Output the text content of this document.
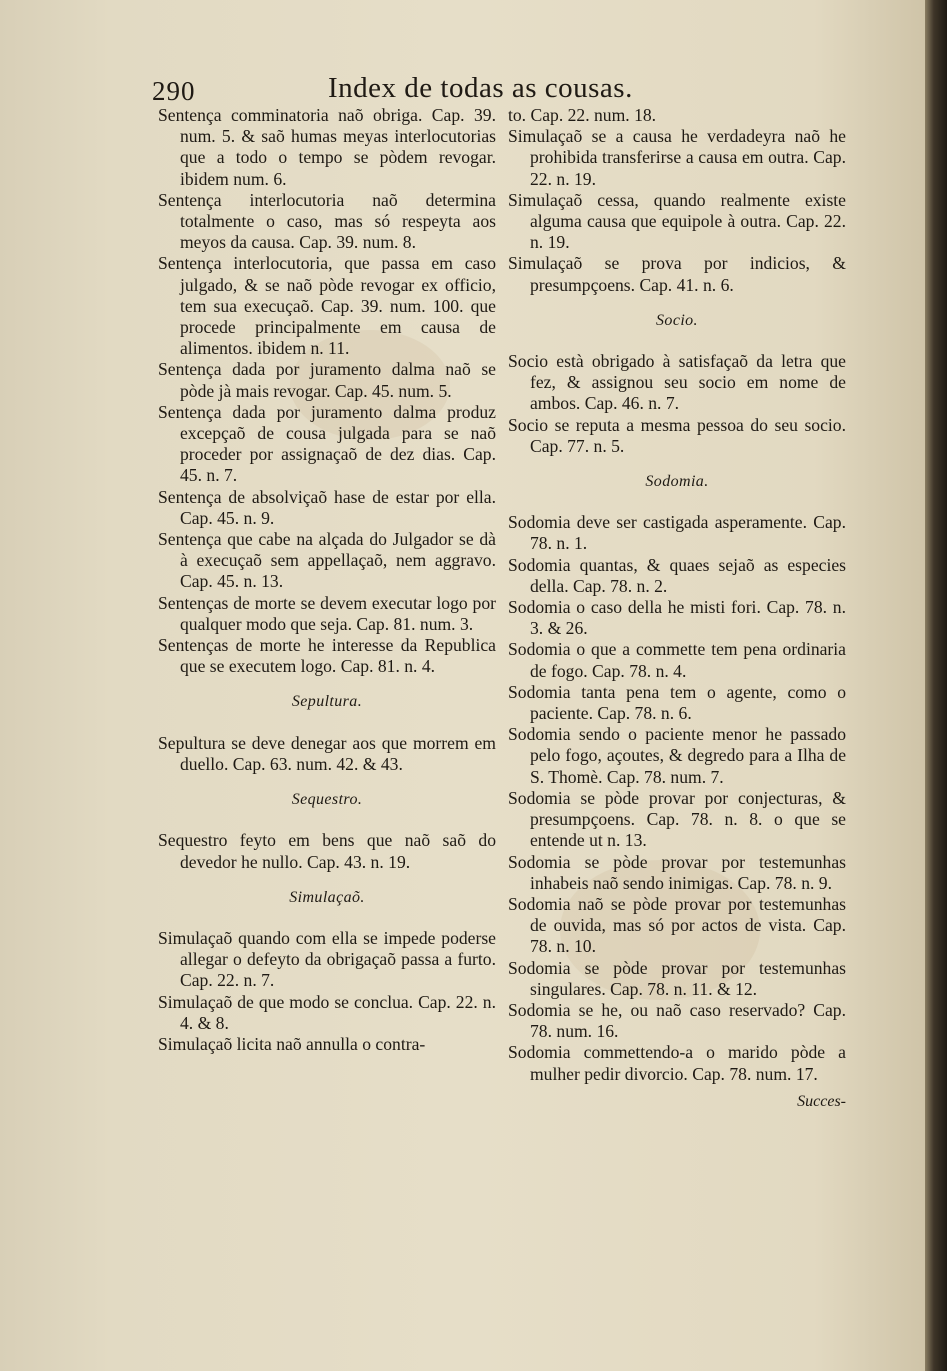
290	Index de todas as cousas.

Sentença comminatoria naõ obriga. Cap. 39. num. 5. & saõ humas meyas interlocutorias que a todo o tempo se pòdem revogar. ibidem num. 6.

Sentença interlocutoria naõ determina totalmente o caso, mas só respeyta aos meyos da causa. Cap. 39. num. 8.

Sentença interlocutoria, que passa em caso julgado, & se naõ pòde revogar ex officio, tem sua execuçaõ. Cap. 39. num. 100. que procede principalmente em causa de alimentos. ibidem n. 11.

Sentença dada por juramento dalma naõ se pòde jà mais revogar. Cap. 45. num. 5.

Sentença dada por juramento dalma produz excepçaõ de cousa julgada para se naõ proceder por assignaçaõ de dez dias. Cap. 45. n. 7.

Sentença de absolviçaõ hase de estar por ella. Cap. 45. n. 9.

Sentença que cabe na alçada do Julgador se dà à execuçaõ sem appellaçaõ, nem aggravo. Cap. 45. n. 13.

Sentenças de morte se devem executar logo por qualquer modo que seja. Cap. 81. num. 3.

Sentenças de morte he interesse da Republica que se executem logo. Cap. 81. n. 4.

Sepultura.

Sepultura se deve denegar aos que morrem em duello. Cap. 63. num. 42. & 43.

Sequestro.

Sequestro feyto em bens que naõ saõ do devedor he nullo. Cap. 43. n. 19.

Simulaçaõ.

Simulaçaõ quando com ella se impede poderse allegar o defeyto da obrigaçaõ passa a furto. Cap. 22. n. 7.

Simulaçaõ de que modo se conclua. Cap. 22. n. 4. & 8.

Simulaçaõ licita naõ annulla o contra-

to. Cap. 22. num. 18.

Simulaçaõ se a causa he verdadeyra naõ he prohibida transferirse a causa em outra. Cap. 22. n. 19.

Simulaçaõ cessa, quando realmente existe alguma causa que equipole à outra. Cap. 22. n. 19.

Simulaçaõ se prova por indicios, & presumpçoens. Cap. 41. n. 6.

Socio.

Socio està obrigado à satisfaçaõ da letra que fez, & assignou seu socio em nome de ambos. Cap. 46. n. 7.

Socio se reputa a mesma pessoa do seu socio. Cap. 77. n. 5.

Sodomia.

Sodomia deve ser castigada asperamente. Cap. 78. n. 1.

Sodomia quantas, & quaes sejaõ as especies della. Cap. 78. n. 2.

Sodomia o caso della he misti fori. Cap. 78. n. 3. & 26.

Sodomia o que a commette tem pena ordinaria de fogo. Cap. 78. n. 4.

Sodomia tanta pena tem o agente, como o paciente. Cap. 78. n. 6.

Sodomia sendo o paciente menor he passado pelo fogo, açoutes, & degredo para a Ilha de S. Thomè. Cap. 78. num. 7.

Sodomia se pòde provar por conjecturas, & presumpçoens. Cap. 78. n. 8. o que se entende ut n. 13.

Sodomia se pòde provar por testemunhas inhabeis naõ sendo inimigas. Cap. 78. n. 9.

Sodomia naõ se pòde provar por testemunhas de ouvida, mas só por actos de vista. Cap. 78. n. 10.

Sodomia se pòde provar por testemunhas singulares. Cap. 78. n. 11. & 12.

Sodomia se he, ou naõ caso reservado? Cap. 78. num. 16.

Sodomia commettendo-a o marido pòde a mulher pedir divorcio. Cap. 78. num. 17.

Succes-
